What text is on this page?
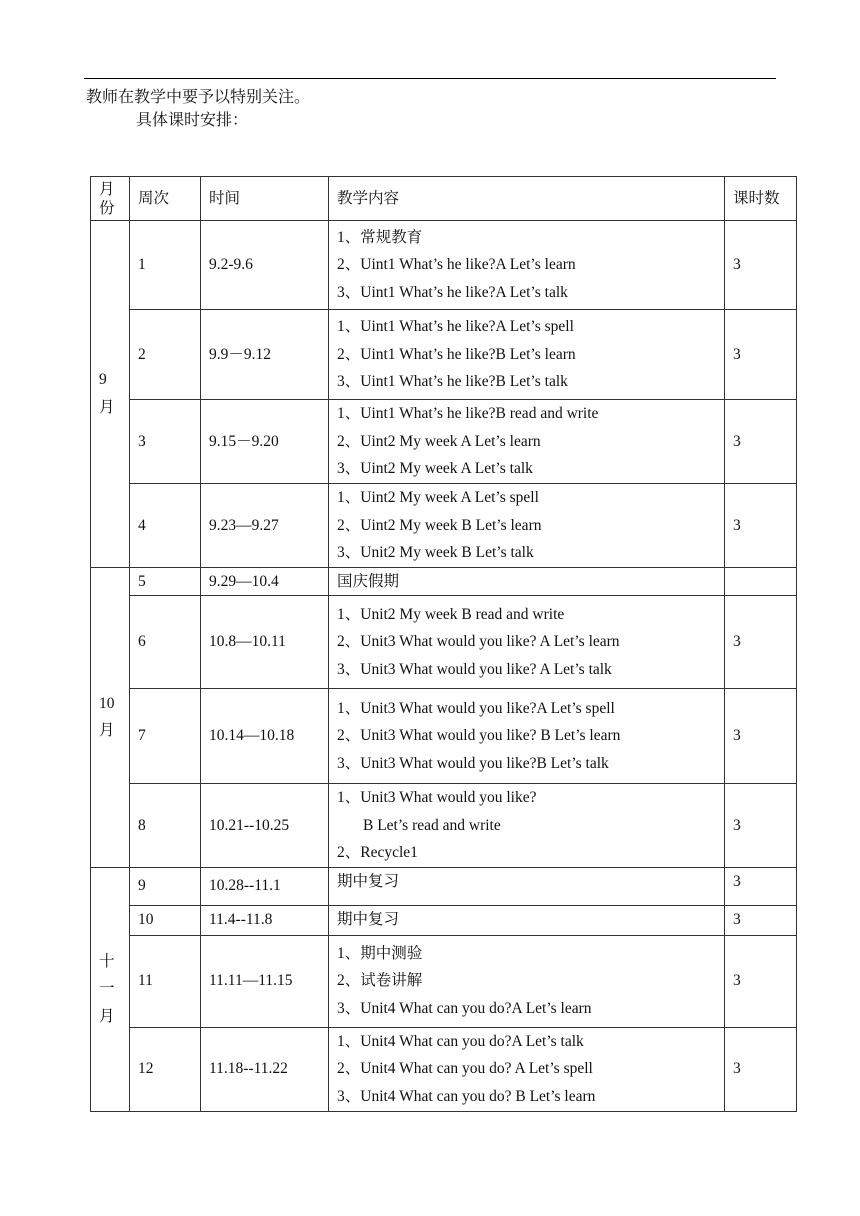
教师在教学中要予以特别关注。
具体课时安排：
月
份	周次	时间	教学内容	课时数

9
月	1	9.2-9.6	1、常规教育
2、Uint1 What’s he like?A Let’s learn
3、Uint1 What’s he like?A Let’s talk	3
	2	9.9－9.12	1、Uint1 What’s he like?A Let’s spell
2、Uint1 What’s he like?B Let’s learn
3、Uint1 What’s he like?B Let’s talk	3
	3	9.15－9.20	1、Uint1 What’s he like?B read and write
2、Uint2 My week A Let’s learn
3、Uint2 My week A Let’s talk	3
	4	9.23—9.27	1、Uint2 My week A Let’s spell
2、Uint2 My week B Let’s learn
3、Unit2 My week B Let’s talk	3

10
月	5	9.29—10.4	国庆假期	

	6	10.8—10.11	1、Unit2 My week B read and write
2、Unit3 What would you like? A Let’s learn
3、Unit3 What would you like? A Let’s talk	3
	7	10.14—10.18	1、Unit3 What would you like?A Let’s spell
2、Unit3 What would you like? B Let’s learn
3、Unit3 What would you like?B Let’s talk	3
	8	10.21--10.25	1、Unit3 What would you like?
B Let’s read and write
2、Recycle1	3

十
一
月	9	10.28--11.1	期中复习	3
	10	11.4--11.8	期中复习	3
	11	11.11—11.15	1、期中测验
2、试卷讲解
3、Unit4 What can you do?A Let’s learn	3
	12	11.18--11.22	1、Unit4 What can you do?A Let’s talk
2、Unit4 What can you do? A Let’s spell
3、Unit4 What can you do? B Let’s learn	3
